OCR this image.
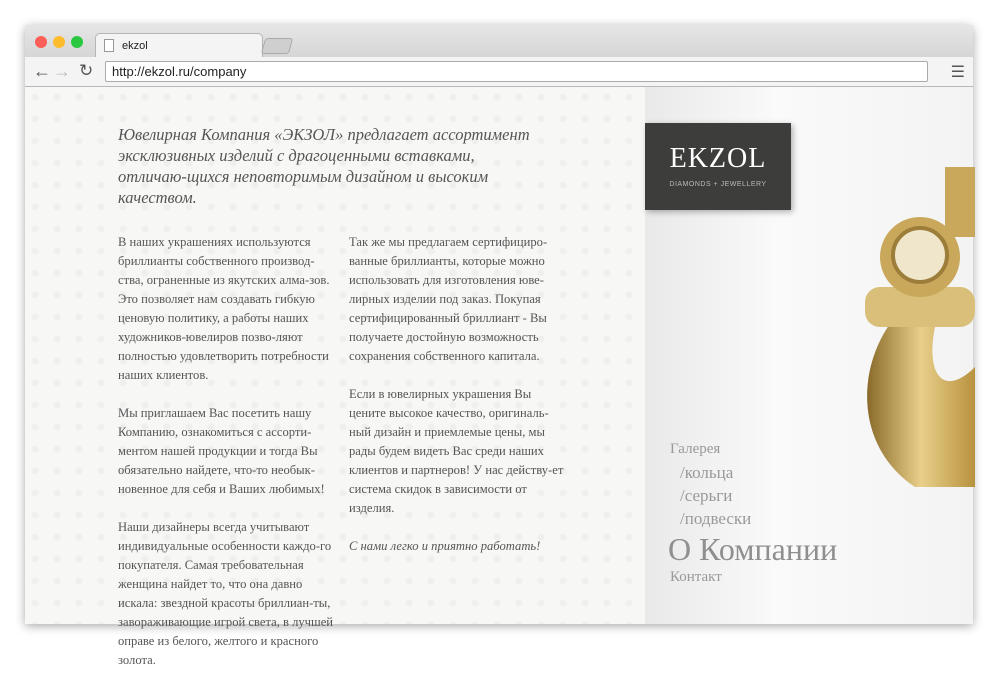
ekzol
← → ↻	http://ekzol.ru/company	☰
Ювелирная Компания «ЭКЗОЛ» предлагает ассортимент эксклюзивных изделий с драгоценными вставками, отличаю-щихся неповторимым дизайном и высоким качеством.

В наших украшениях используются бриллианты собственного производ-ства, ограненные из якутских алма-зов. Это позволяет нам создавать гибкую ценовую политику, а работы наших художников-ювелиров позво-ляют полностью удовлетворить потребности наших клиентов.

Мы приглашаем Вас посетить нашу Компанию, ознакомиться с ассорти-ментом нашей продукции и тогда Вы обязательно найдете, что-то необык-новенное для себя и Ваших любимых!

Наши дизайнеры всегда учитывают индивидуальные особенности каждо-го покупателя. Самая требовательная женщина найдет то, что она давно искала: звездной красоты бриллиан-ты, завораживающие игрой света, в лучшей оправе из белого, желтого и красного золота.

Так же мы предлагаем сертифициро-ванные бриллианты, которые можно использовать для изготовления юве-лирных изделии под заказ. Покупая сертифицированный бриллиант - Вы получаете достойную возможность сохранения собственного капитала.

Если в ювелирных украшения Вы цените высокое качество, оригиналь-ный дизайн и приемлемые цены, мы рады будем видеть Вас среди наших клиентов и партнеров! У нас действу-ет система скидок в зависимости от изделия.

С нами легко и приятно работать!

EKZOL
DIAMONDS + JEWELLERY
Галерея
/кольца
/серьги
/подвески
О Компании
Контакт
